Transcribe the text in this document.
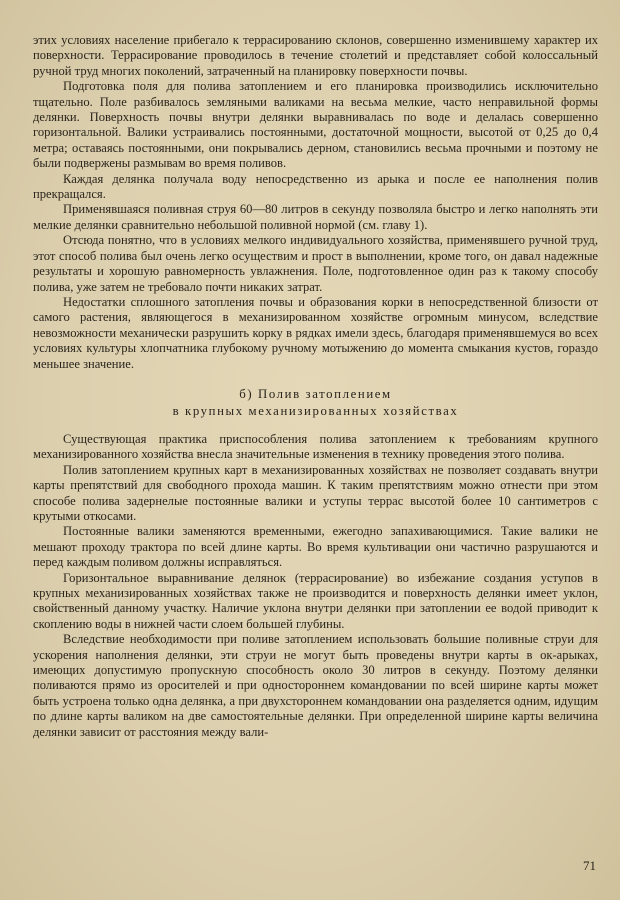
этих условиях население прибегало к террасированию склонов, совершенно изменившему характер их поверхности. Террасирование проводилось в течение столетий и представляет собой колоссальный ручной труд многих поколений, затраченный на планировку поверхности почвы.

Подготовка поля для полива затоплением и его планировка производились исключительно тщательно. Поле разбивалось земляными валиками на весьма мелкие, часто неправильной формы делянки. Поверхность почвы внутри делянки выравнивалась по воде и делалась совершенно горизонтальной. Валики устраивались постоянными, достаточной мощности, высотой от 0,25 до 0,4 метра; оставаясь постоянными, они покрывались дерном, становились весьма прочными и поэтому не были подвержены размывам во время поливов.

Каждая делянка получала воду непосредственно из арыка и после ее наполнения полив прекращался.

Применявшаяся поливная струя 60—80 литров в секунду позволяла быстро и легко наполнять эти мелкие делянки сравнительно небольшой поливной нормой (см. главу 1).

Отсюда понятно, что в условиях мелкого индивидуального хозяйства, применявшего ручной труд, этот способ полива был очень легко осуществим и прост в выполнении, кроме того, он давал надежные результаты и хорошую равномерность увлажнения. Поле, подготовленное один раз к такому способу полива, уже затем не требовало почти никаких затрат.

Недостатки сплошного затопления почвы и образования корки в непосредственной близости от самого растения, являющегося в механизированном хозяйстве огромным минусом, вследствие невозможности механически разрушить корку в рядках имели здесь, благодаря применявшемуся во всех условиях культуры хлопчатника глубокому ручному мотыжению до момента смыкания кустов, гораздо меньшее значение.

б) Полив затоплением
в крупных механизированных хозяйствах

Существующая практика приспособления полива затоплением к требованиям крупного механизированного хозяйства внесла значительные изменения в технику проведения этого полива.

Полив затоплением крупных карт в механизированных хозяйствах не позволяет создавать внутри карты препятствий для свободного прохода машин. К таким препятствиям можно отнести при этом способе полива задернелые постоянные валики и уступы террас высотой более 10 сантиметров с крутыми откосами.

Постоянные валики заменяются временными, ежегодно запахивающимися. Такие валики не мешают проходу трактора по всей длине карты. Во время культивации они частично разрушаются и перед каждым поливом должны исправляться.

Горизонтальное выравнивание делянок (террасирование) во избежание создания уступов в крупных механизированных хозяйствах также не производится и поверхность делянки имеет уклон, свойственный данному участку. Наличие уклона внутри делянки при затоплении ее водой приводит к скоплению воды в нижней части слоем большей глубины.

Вследствие необходимости при поливе затоплением использовать большие поливные струи для ускорения наполнения делянки, эти струи не могут быть проведены внутри карты в ок-арыках, имеющих допустимую пропускную способность около 30 литров в секунду. Поэтому делянки поливаются прямо из оросителей и при одностороннем командовании по всей ширине карты может быть устроена только одна делянка, а при двухстороннем командовании она разделяется одним, идущим по длине карты валиком на две самостоятельные делянки. При определенной ширине карты величина делянки зависит от расстояния между вали-

71
